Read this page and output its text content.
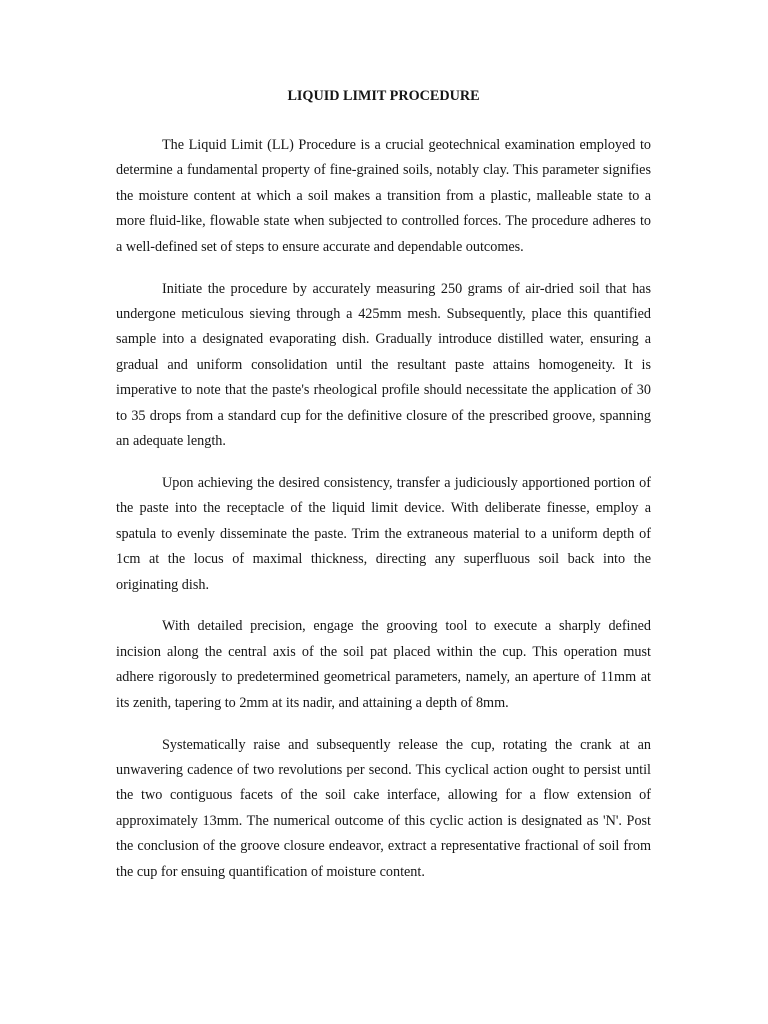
LIQUID LIMIT PROCEDURE

The Liquid Limit (LL) Procedure is a crucial geotechnical examination employed to determine a fundamental property of fine-grained soils, notably clay. This parameter signifies the moisture content at which a soil makes a transition from a plastic, malleable state to a more fluid-like, flowable state when subjected to controlled forces. The procedure adheres to a well-defined set of steps to ensure accurate and dependable outcomes.

Initiate the procedure by accurately measuring 250 grams of air-dried soil that has undergone meticulous sieving through a 425mm mesh. Subsequently, place this quantified sample into a designated evaporating dish. Gradually introduce distilled water, ensuring a gradual and uniform consolidation until the resultant paste attains homogeneity. It is imperative to note that the paste's rheological profile should necessitate the application of 30 to 35 drops from a standard cup for the definitive closure of the prescribed groove, spanning an adequate length.

Upon achieving the desired consistency, transfer a judiciously apportioned portion of the paste into the receptacle of the liquid limit device. With deliberate finesse, employ a spatula to evenly disseminate the paste. Trim the extraneous material to a uniform depth of 1cm at the locus of maximal thickness, directing any superfluous soil back into the originating dish.

With detailed precision, engage the grooving tool to execute a sharply defined incision along the central axis of the soil pat placed within the cup. This operation must adhere rigorously to predetermined geometrical parameters, namely, an aperture of 11mm at its zenith, tapering to 2mm at its nadir, and attaining a depth of 8mm.

Systematically raise and subsequently release the cup, rotating the crank at an unwavering cadence of two revolutions per second. This cyclical action ought to persist until the two contiguous facets of the soil cake interface, allowing for a flow extension of approximately 13mm. The numerical outcome of this cyclic action is designated as 'N'. Post the conclusion of the groove closure endeavor, extract a representative fractional of soil from the cup for ensuing quantification of moisture content.
